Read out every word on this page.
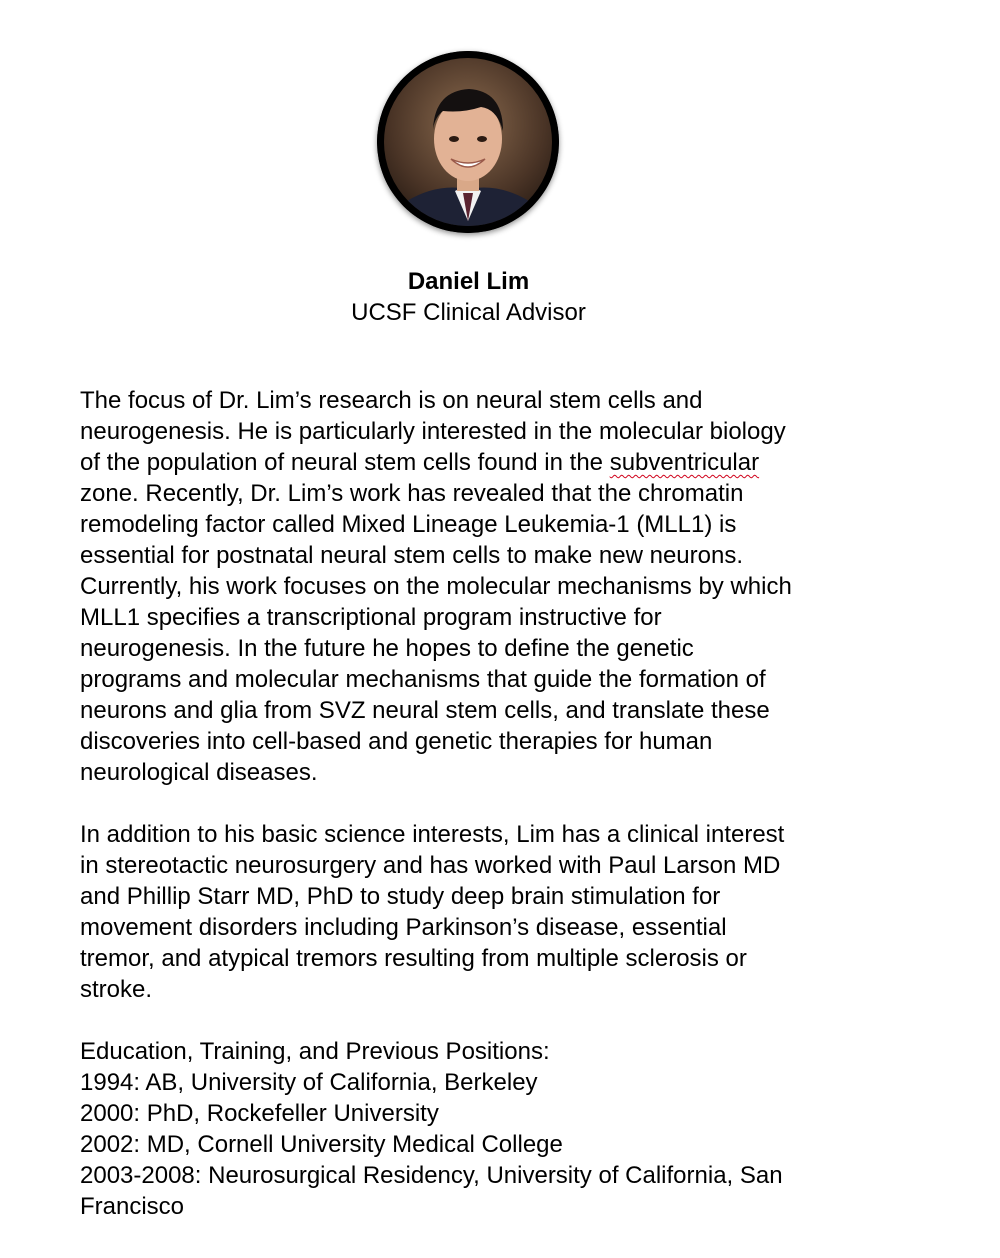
Daniel Lim
UCSF Clinical Advisor

The focus of Dr. Lim’s research is on neural stem cells and
neurogenesis. He is particularly interested in the molecular biology
of the population of neural stem cells found in the subventricular
zone. Recently, Dr. Lim’s work has revealed that the chromatin
remodeling factor called Mixed Lineage Leukemia-1 (MLL1) is
essential for postnatal neural stem cells to make new neurons.
Currently, his work focuses on the molecular mechanisms by which
MLL1 specifies a transcriptional program instructive for
neurogenesis. In the future he hopes to define the genetic
programs and molecular mechanisms that guide the formation of
neurons and glia from SVZ neural stem cells, and translate these
discoveries into cell-based and genetic therapies for human
neurological diseases.

In addition to his basic science interests, Lim has a clinical interest
in stereotactic neurosurgery and has worked with Paul Larson MD
and Phillip Starr MD, PhD to study deep brain stimulation for
movement disorders including Parkinson’s disease, essential
tremor, and atypical tremors resulting from multiple sclerosis or
stroke.

Education, Training, and Previous Positions:
1994: AB, University of California, Berkeley
2000: PhD, Rockefeller University
2002: MD, Cornell University Medical College
2003-2008: Neurosurgical Residency, University of California, San
Francisco
